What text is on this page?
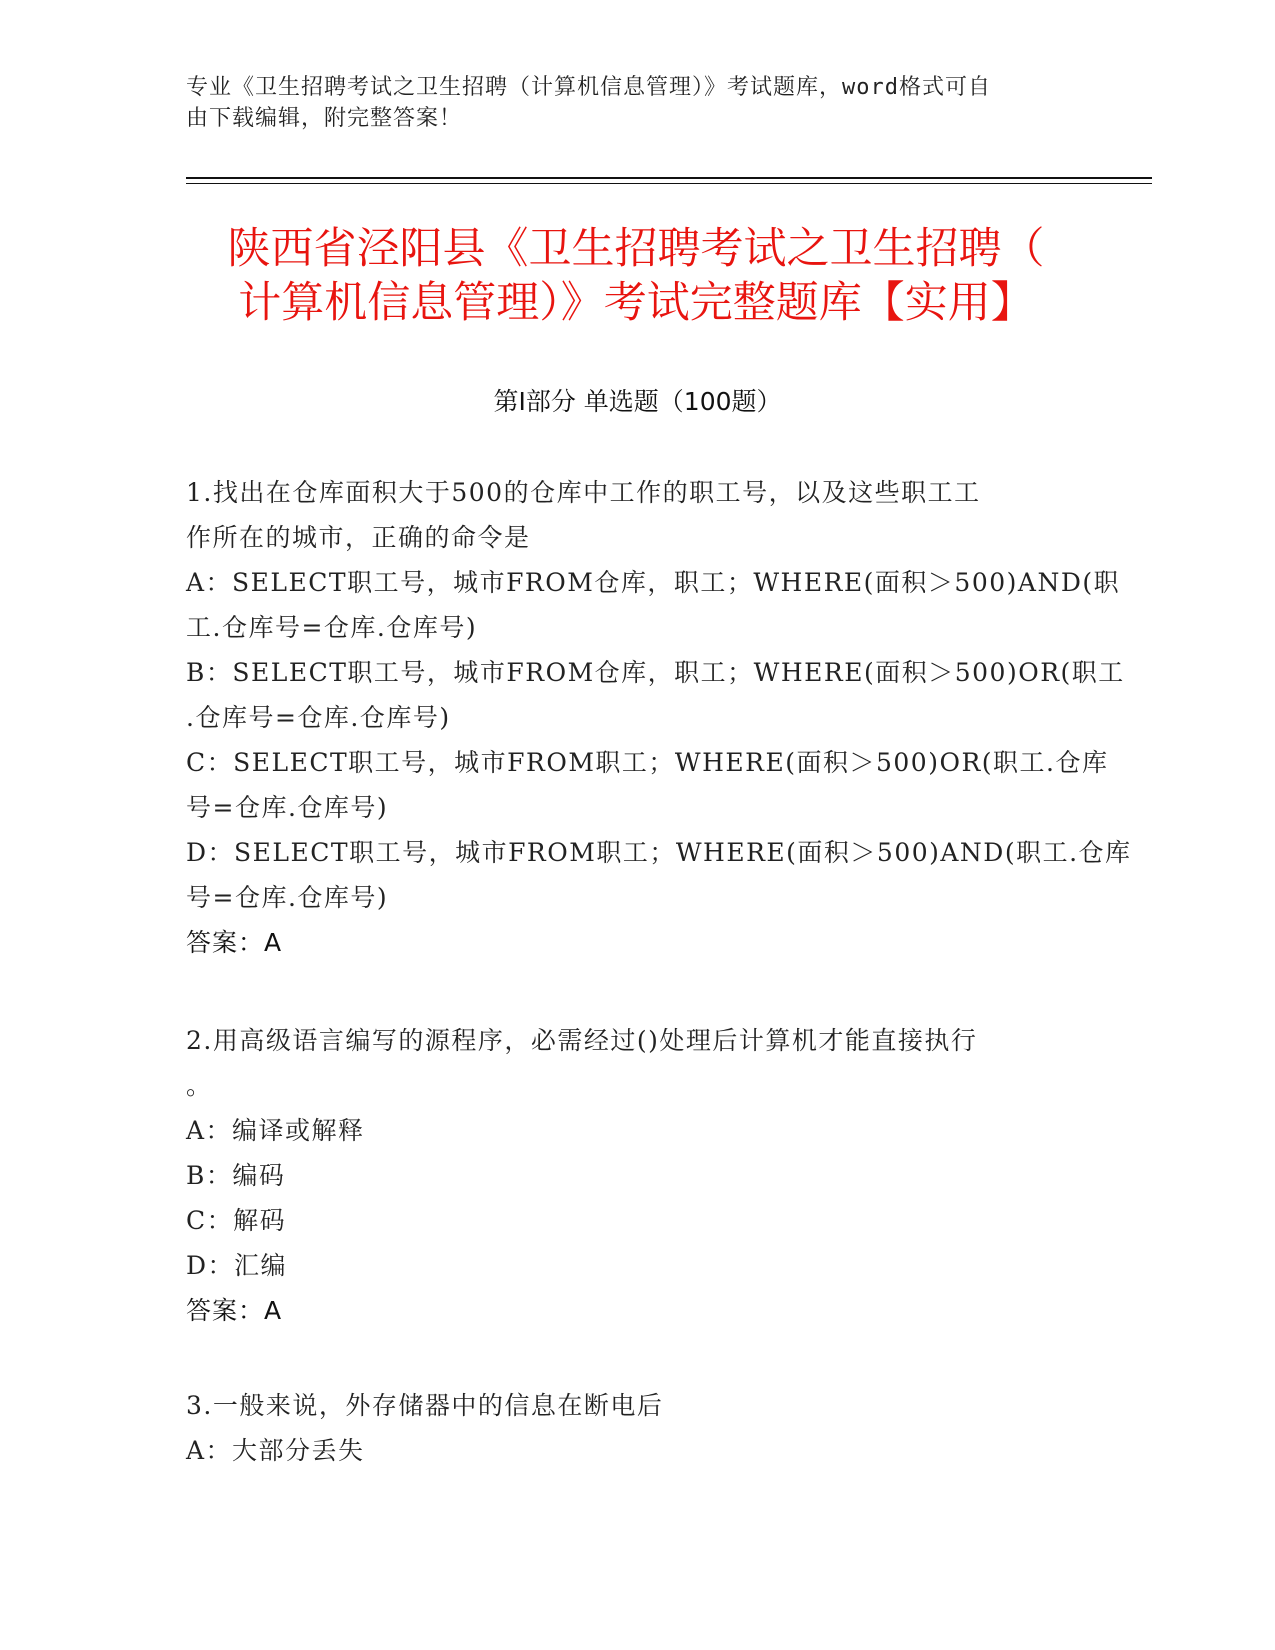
专业《卫生招聘考试之卫生招聘（计算机信息管理）》考试题库，word格式可自
由下载编辑，附完整答案！
陕西省泾阳县《卫生招聘考试之卫生招聘（
计算机信息管理）》考试完整题库【实用】
第Ⅰ部分 单选题（100题）
1.找出在仓库面积大于500的仓库中工作的职工号，以及这些职工工
作所在的城市，正确的命令是
A：SELECT职工号，城市FROM仓库，职工；WHERE(面积＞500)AND(职
工.仓库号=仓库.仓库号)
B：SELECT职工号，城市FROM仓库，职工；WHERE(面积＞500)OR(职工
.仓库号=仓库.仓库号)
C：SELECT职工号，城市FROM职工；WHERE(面积＞500)OR(职工.仓库
号=仓库.仓库号)
D：SELECT职工号，城市FROM职工；WHERE(面积＞500)AND(职工.仓库
号=仓库.仓库号)
答案：A
2.用高级语言编写的源程序，必需经过()处理后计算机才能直接执行
。
A：编译或解释
B：编码
C：解码
D：汇编
答案：A
3.一般来说，外存储器中的信息在断电后
A：大部分丢失
